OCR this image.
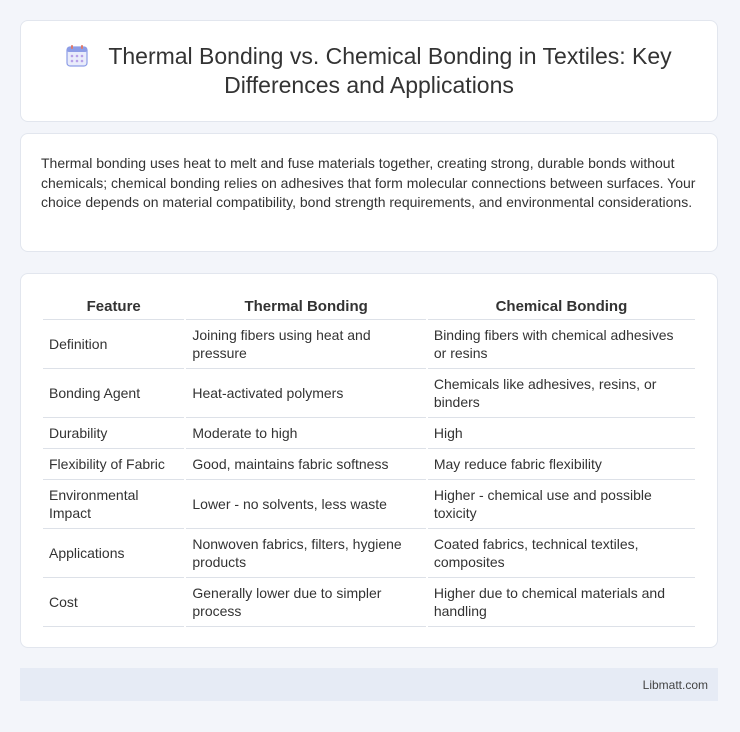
Thermal Bonding vs. Chemical Bonding in Textiles: Key Differences and Applications

Thermal bonding uses heat to melt and fuse materials together, creating strong, durable bonds without chemicals; chemical bonding relies on adhesives that form molecular connections between surfaces. Your choice depends on material compatibility, bond strength requirements, and environmental considerations.

Feature	Thermal Bonding	Chemical Bonding
Definition	Joining fibers using heat and pressure	Binding fibers with chemical adhesives or resins
Bonding Agent	Heat-activated polymers	Chemicals like adhesives, resins, or binders
Durability	Moderate to high	High
Flexibility of Fabric	Good, maintains fabric softness	May reduce fabric flexibility
Environmental Impact	Lower - no solvents, less waste	Higher - chemical use and possible toxicity
Applications	Nonwoven fabrics, filters, hygiene products	Coated fabrics, technical textiles, composites
Cost	Generally lower due to simpler process	Higher due to chemical materials and handling
Libmatt.com
